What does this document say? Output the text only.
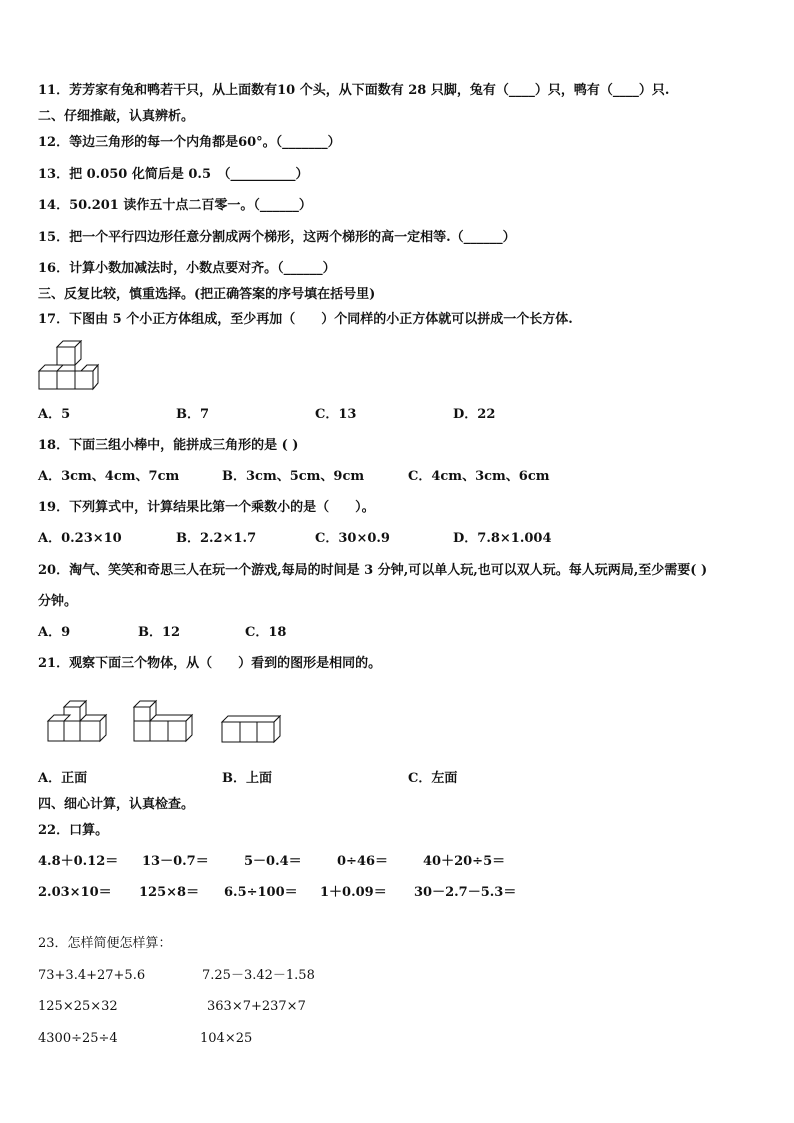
11．芳芳家有兔和鸭若干只，从上面数有10 个头，从下面数有 28 只脚，兔有（____）只，鸭有（____）只.
二、仔细推敲，认真辨析。
12．等边三角形的每一个内角都是60°。（_______）
13．把 0.050 化简后是 0.5　（__________）
14．50.201 读作五十点二百零一。（______）
15．把一个平行四边形任意分割成两个梯形，这两个梯形的高一定相等.（______）
16．计算小数加减法时，小数点要对齐。（______）
三、反复比较，慎重选择。(把正确答案的序号填在括号里)
17．下图由 5 个小正方体组成，至少再加（　　）个同样的小正方体就可以拼成一个长方体.
A．5	B．7	C．13	D．22
18．下面三组小棒中，能拼成三角形的是 ( )
A．3cm、4cm、7cm	B．3cm、5cm、9cm	C．4cm、3cm、6cm
19．下列算式中，计算结果比第一个乘数小的是（　　）。
A．0.23×10	B．2.2×1.7	C．30×0.9	D．7.8×1.004
20．淘气、笑笑和奇思三人在玩一个游戏,每局的时间是 3 分钟,可以单人玩,也可以双人玩。每人玩两局,至少需要( )
分钟。
A．9	B．12	C．18
21．观察下面三个物体，从（　　）看到的图形是相同的。
A．正面	B．上面	C．左面
四、细心计算，认真检查。
22．口算。
4.8＋0.12＝ 13－0.7＝	5－0.4＝	0÷46＝	40＋20÷5＝
2.03×10＝ 125×8＝ 6.5÷100＝ 1＋0.09＝ 30－2.7－5.3＝
23．怎样简便怎样算：
73+3.4+27+5.6	7.25－3.42－1.58
125×25×32	363×7+237×7
4300÷25÷4	104×25
